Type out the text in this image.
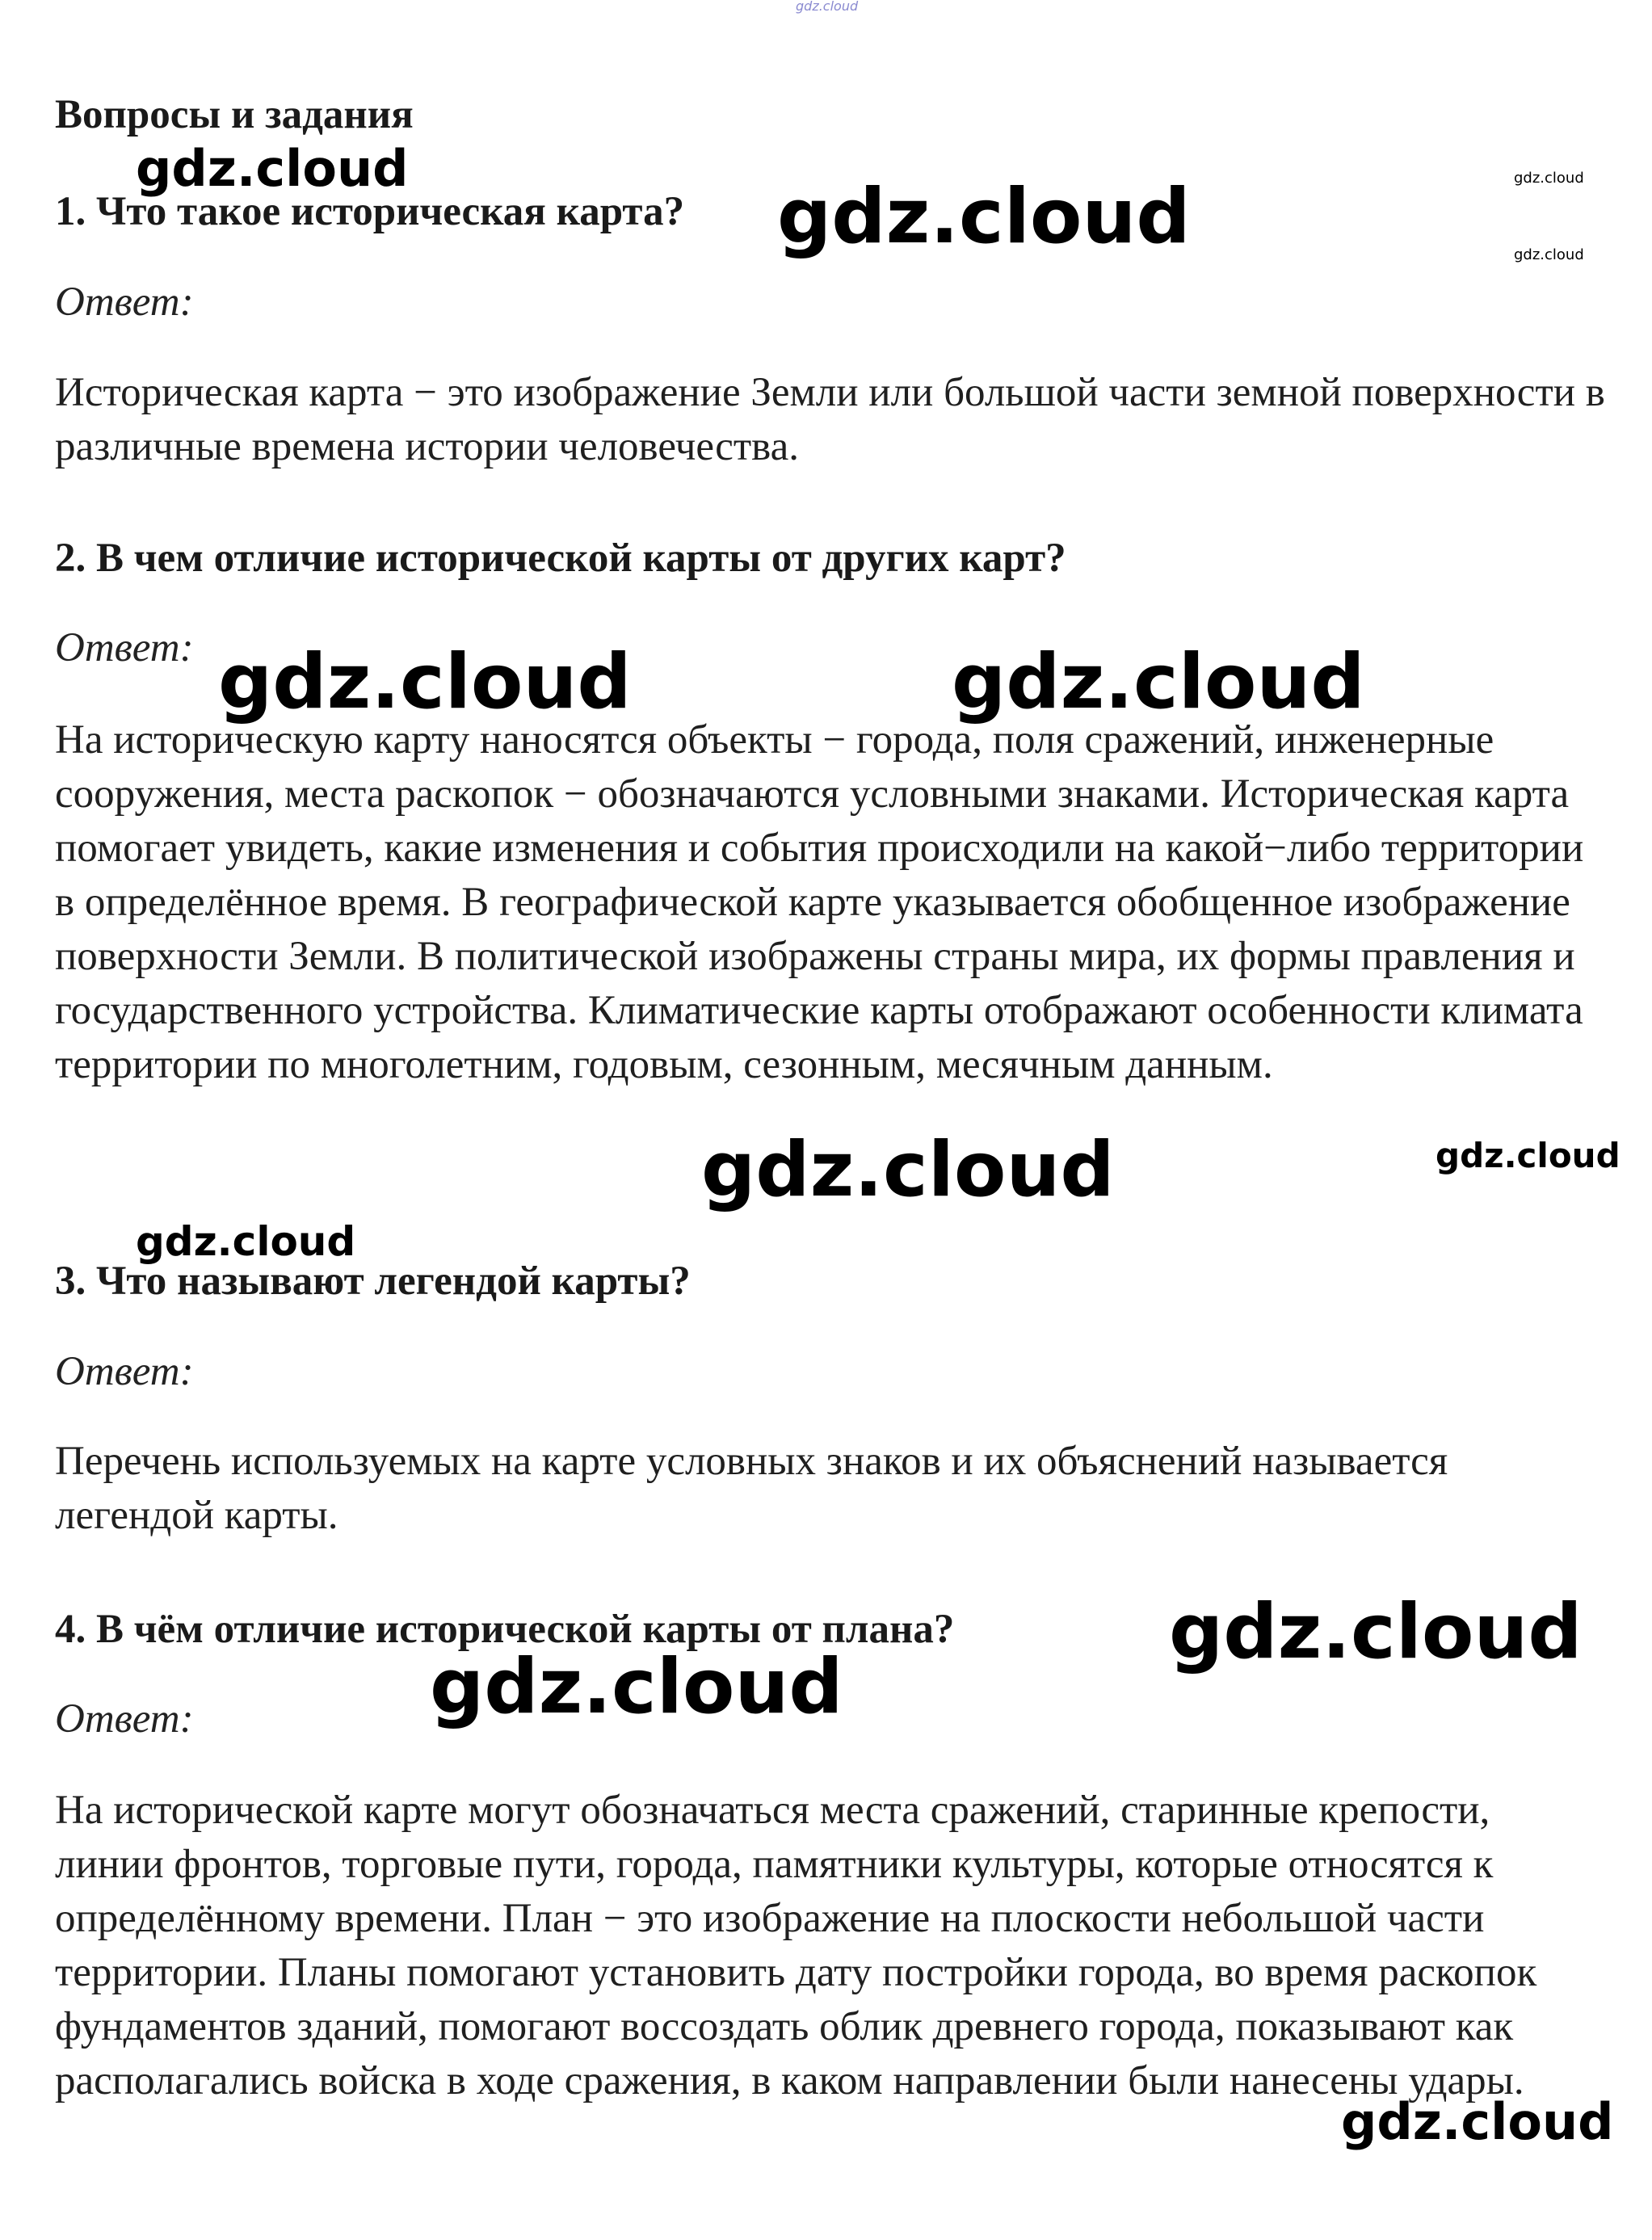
gdz.cloud
Вопросы и задания
1. Что такое историческая карта?

Ответ:

Историческая карта − это изображение Земли или большой части земной поверхности в различные времена истории человечества.

2. В чем отличие исторической карты от других карт?

Ответ:

На историческую карту наносятся объекты − города, поля сражений, инженерные сооружения, места раскопок − обозначаются условными знаками. Историческая карта помогает увидеть, какие изменения и события происходили на какой−либо территории в определённое время. В географической карте указывается обобщенное изображение поверхности Земли. В политической изображены страны мира, их формы правления и государственного устройства. Климатические карты отображают особенности климата территории по многолетним, годовым, сезонным, месячным данным.

3. Что называют легендой карты?

Ответ:

Перечень используемых на карте условных знаков и их объяснений называется легендой карты.

4. В чём отличие исторической карты от плана?

Ответ:

На исторической карте могут обозначаться места сражений, старинные крепости, линии фронтов, торговые пути, города, памятники культуры, которые относятся к определённому времени. План − это изображение на плоскости небольшой части территории. Планы помогают установить дату постройки города, во время раскопок фундаментов зданий, помогают воссоздать облик древнего города, показывают как располагались войска в ходе сражения, в каком направлении были нанесены удары.

gdz.cloud
gdz.cloud	gdz.cloud
gdz.cloud
gdz.cloud	gdz.cloud
gdz.cloud	gdz.cloud
gdz.cloud
gdz.cloud
gdz.cloud
gdz.cloud
